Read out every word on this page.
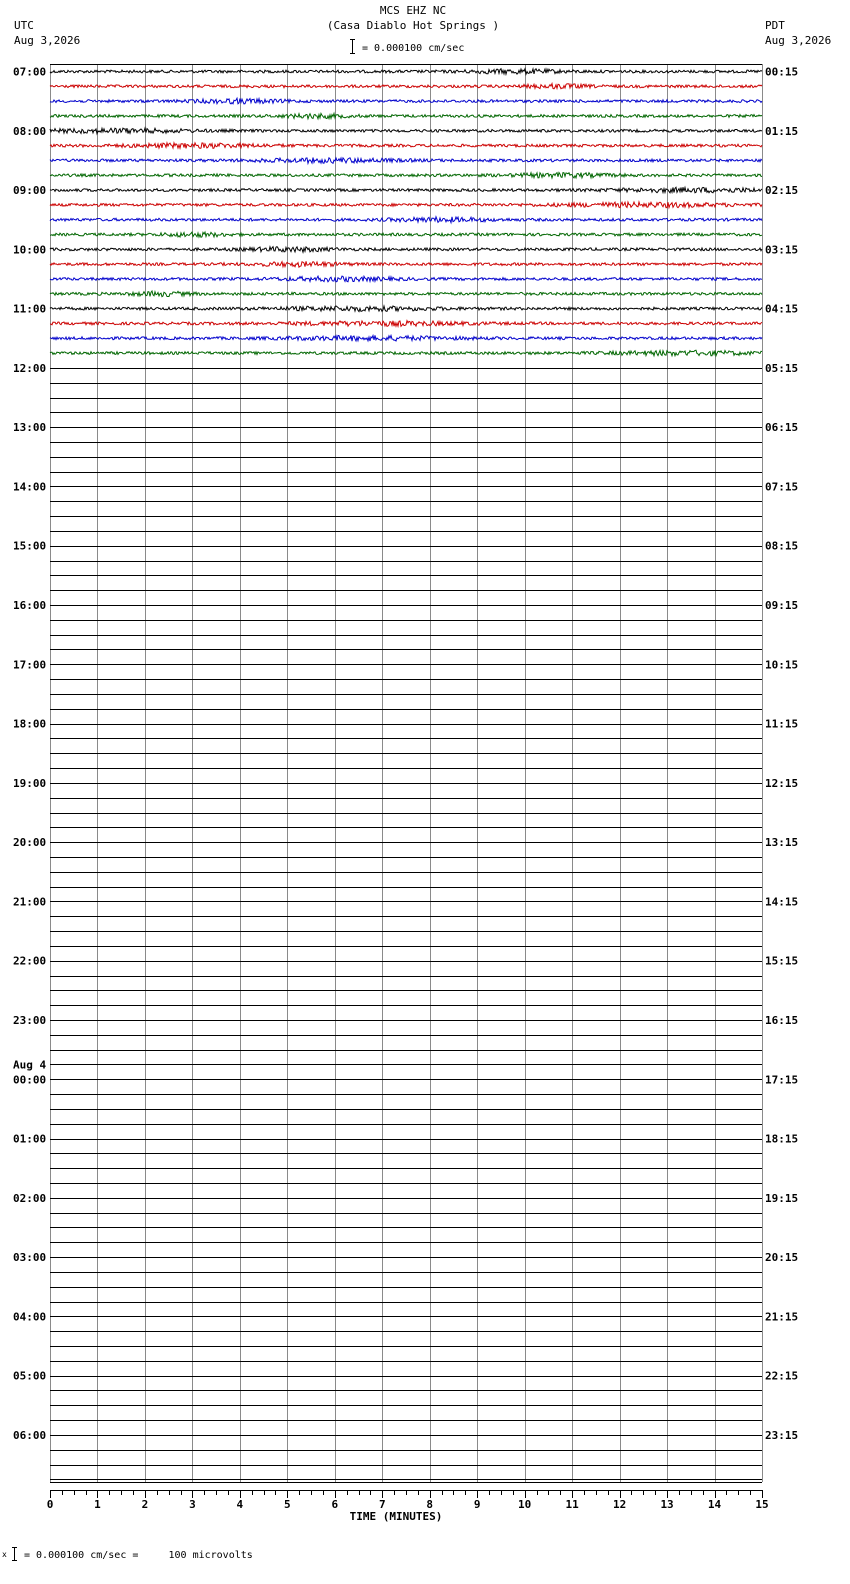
MCS EHZ NC
(Casa Diablo Hot Springs )
= 0.000100 cm/sec
UTC
Aug 3,2026
PDT
Aug 3,2026
07:00
08:00
09:00
10:00
11:00
12:00
13:00
14:00
15:00
16:00
17:00
18:00
19:00
20:00
21:00
22:00
23:00
Aug 4
00:00
01:00
02:00
03:00
04:00
05:00
06:00
00:15
01:15
02:15
03:15
04:15
05:15
06:15
07:15
08:15
09:15
10:15
11:15
12:15
13:15
14:15
15:15
16:15
17:15
18:15
19:15
20:15
21:15
22:15
23:15
0	1	2	3	4	5	6	7	8	9	10	11	12	13	14	15
TIME (MINUTES)
x = 0.000100 cm/sec =     100 microvolts
